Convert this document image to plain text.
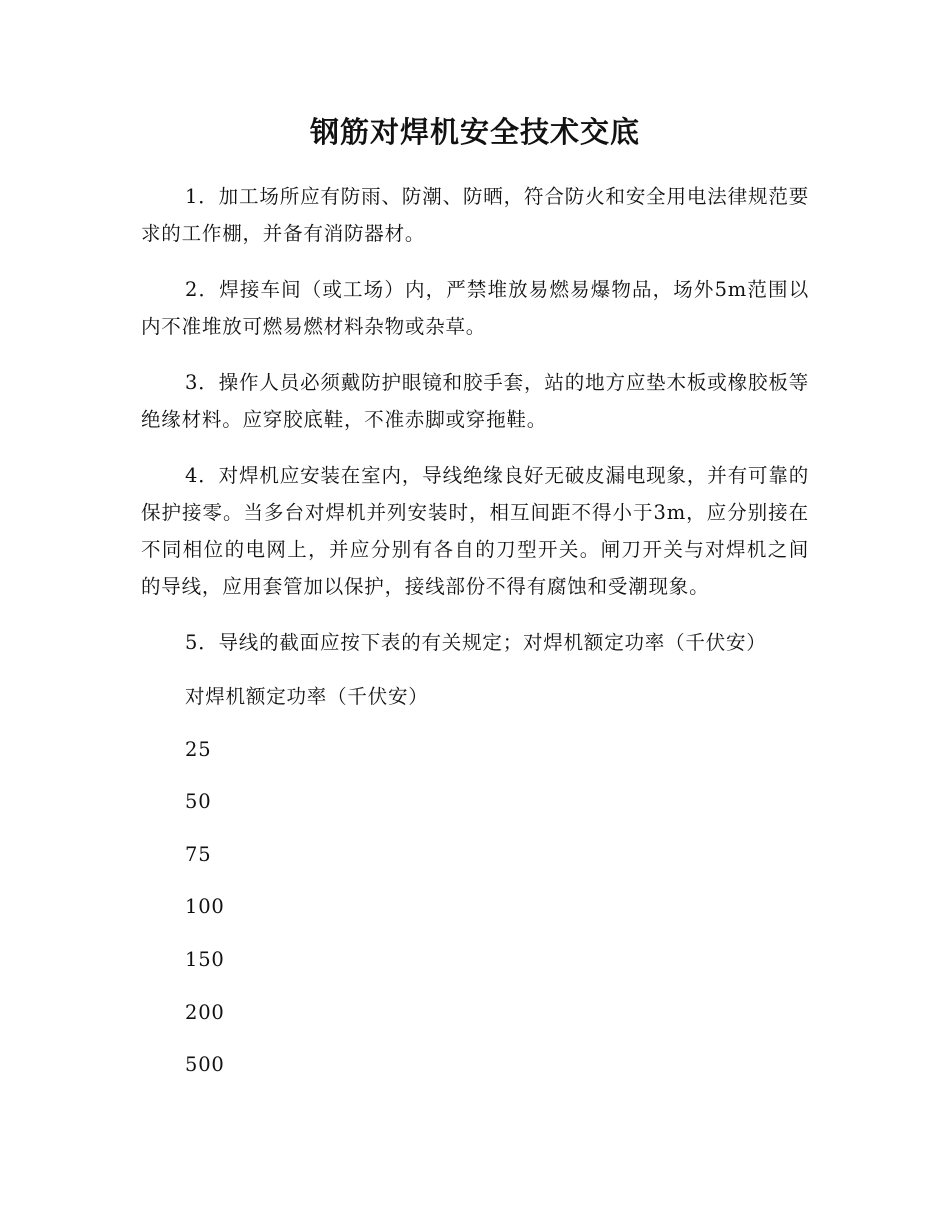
钢筋对焊机安全技术交底

1．加工场所应有防雨、防潮、防晒，符合防火和安全用电法律规范要求的工作棚，并备有消防器材。

2．焊接车间（或工场）内，严禁堆放易燃易爆物品，场外5m范围以内不准堆放可燃易燃材料杂物或杂草。

3．操作人员必须戴防护眼镜和胶手套，站的地方应垫木板或橡胶板等绝缘材料。应穿胶底鞋，不准赤脚或穿拖鞋。

4．对焊机应安装在室内，导线绝缘良好无破皮漏电现象，并有可靠的保护接零。当多台对焊机并列安装时，相互间距不得小于3m，应分别接在不同相位的电网上，并应分别有各自的刀型开关。闸刀开关与对焊机之间的导线，应用套管加以保护，接线部份不得有腐蚀和受潮现象。

5．导线的截面应按下表的有关规定；对焊机额定功率（千伏安）

对焊机额定功率（千伏安）
25
50
75
100
150
200
500
